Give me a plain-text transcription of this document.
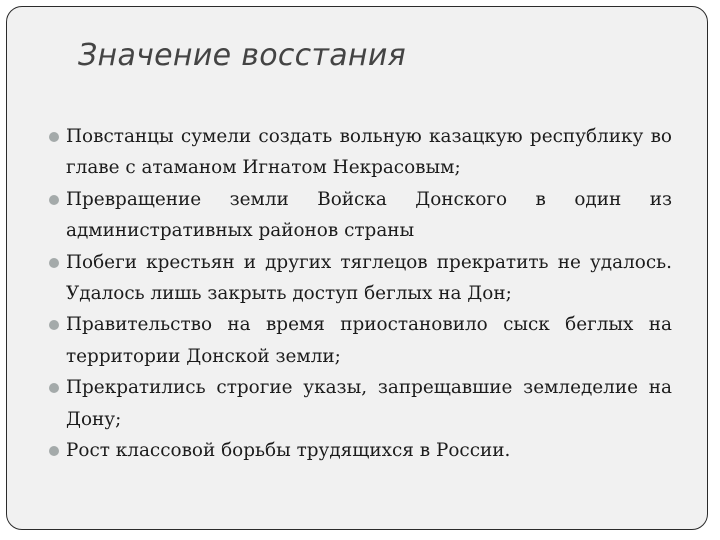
Значение восстания
Повстанцы сумели создать вольную казацкую республику во главе с атаманом Игнатом Некрасовым;
Превращение земли Войска Донского в один из административных районов страны
Побеги крестьян и других тяглецов прекратить не удалось. Удалось лишь закрыть доступ беглых на Дон;
Правительство на время приостановило сыск беглых на территории Донской земли;
Прекратились строгие указы, запрещавшие земледелие на Дону;
Рост классовой борьбы трудящихся в России.
